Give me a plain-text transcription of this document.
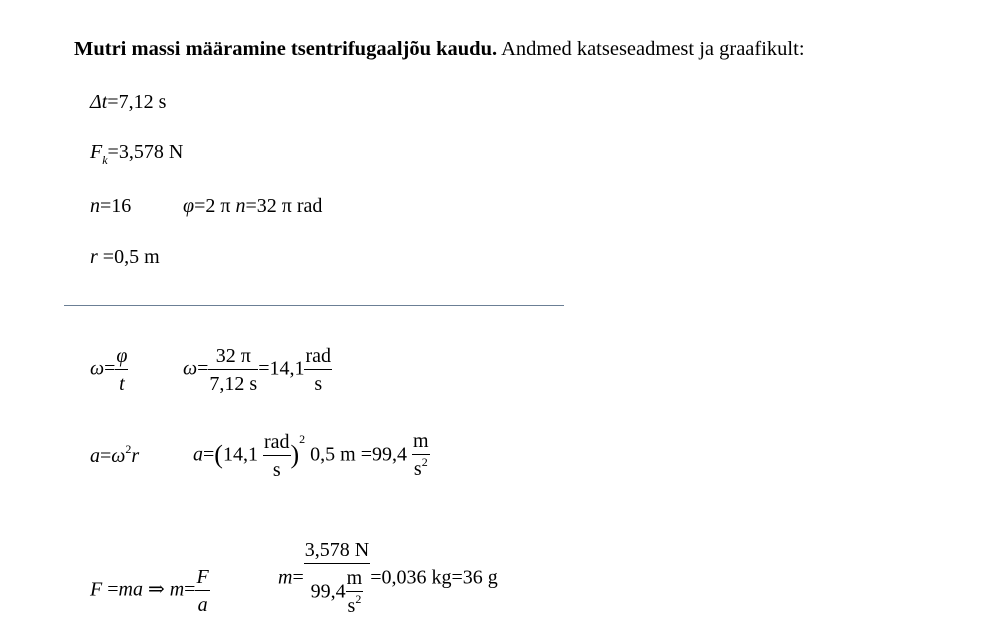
Mutri massi määramine tsentrifugaaljõu kaudu. Andmed katseseadmest ja graafikult:
Δt=7,12 s
$F_k=3,578$ N
n=16	φ=2 π n=32 π rad
r =0,5 m
$\omega= \frac{\varphi}{t}$	$\omega= \frac{32 \pi}{7,12 s} =14,1 \frac{\text{rad}}{s}$
$a=\omega^2r$	$a=(14,1 \frac{\text{rad}}{s} )^2$ 0,5 $m =99,4 \frac{m}{s^2}$
F =ma ⇒ $m= \frac{F}{a}$	$m= \frac{3,578 N}{99,4 \frac{m}{s^2}} =0,036$ kg=36 g
